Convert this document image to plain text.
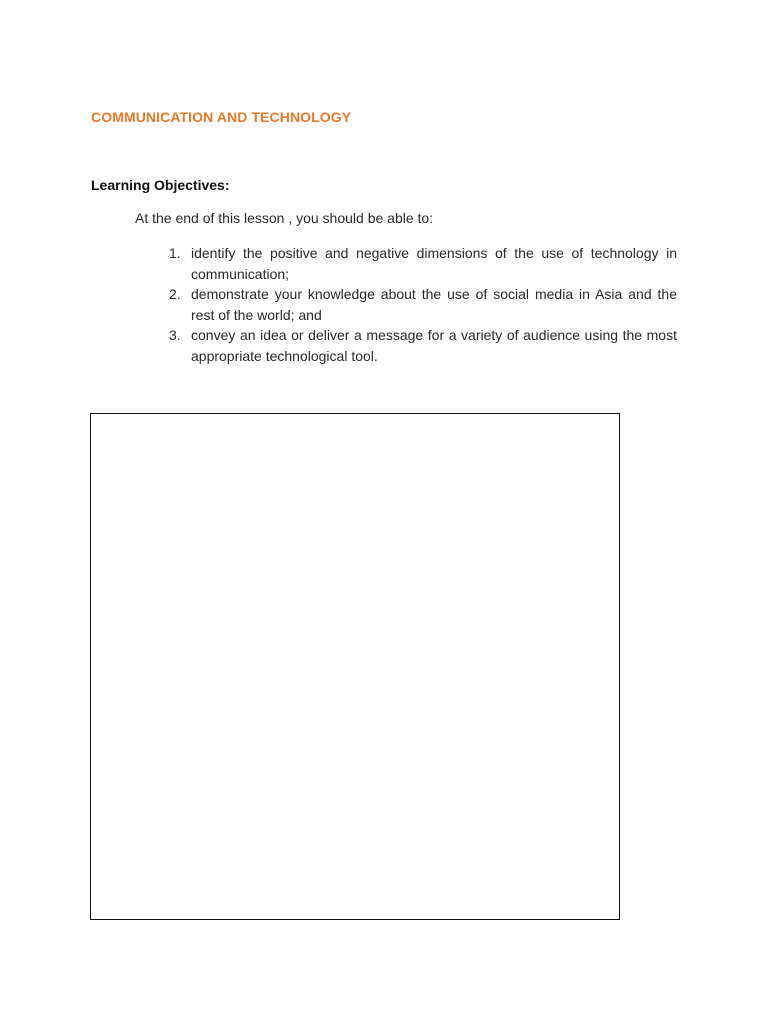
COMMUNICATION AND TECHNOLOGY
Learning Objectives:
At the end of this lesson , you should be able to:
1. identify the positive and negative dimensions of the use of technology in communication;
2. demonstrate your knowledge about the use of social media in Asia and the rest of the world; and
3. convey an idea or deliver a message for a variety of audience using the most appropriate technological tool.
